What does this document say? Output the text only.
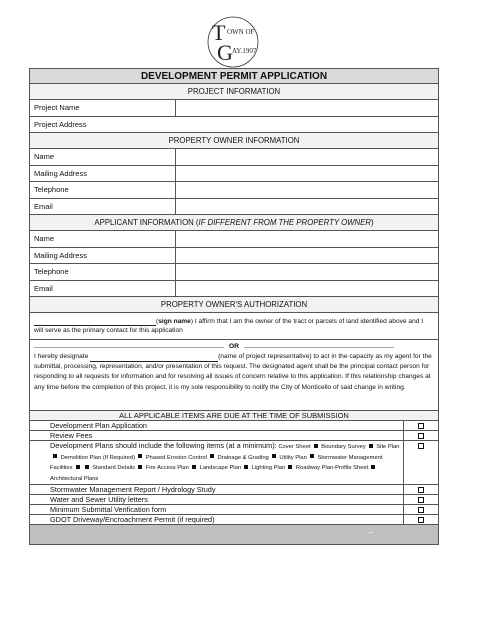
T OWN OF
G AY.1907
DEVELOPMENT PERMIT APPLICATION
PROJECT INFORMATION
Project Name
Project Address
PROPERTY OWNER INFORMATION
Name
Mailing Address
Telephone
Email
APPLICANT INFORMATION (IF DIFFERENT FROM THE PROPERTY OWNER)
Name
Mailing Address
Telephone
Email
PROPERTY OWNER'S AUTHORIZATION
(sign name) I affirm that I am the owner of the tract or parcels of land identified above and I will serve as the primary contact for this application
OR
I hereby designate	(name of project representative) to act in the capacity as my agent for the submittal, processing, representation, and/or presentation of this request. The designated agent shall be the principal contact person for responding to all requests for information and for resolving all issues of concern relative to this application. If this relationship changes at any time before the completion of this project, it is my sole responsibility to notify the City of Monticello of said change in writing.
ALL APPLICABLE ITEMS ARE DUE AT THE TIME OF SUBMISSION
Development Plan Application
Review Fees
Development Plans should include the following items (at a minimum): Cover Sheet Boundary Survey Site Plan Demolition Plan (If Required) Phased Erosion Control Drainage & Grading Utility Plan Stormwater Management Facilities	Standard Details Fire Access Plan Landscape Plan Lighting Plan Roadway Plan-Profile Sheet Architectural Plans
Stormwater Management Report / Hydrology Study
Water and Sewer Utility letters
Minimum Submittal Verification form
GDOT Driveway/Encroachment Permit (if required)
–
